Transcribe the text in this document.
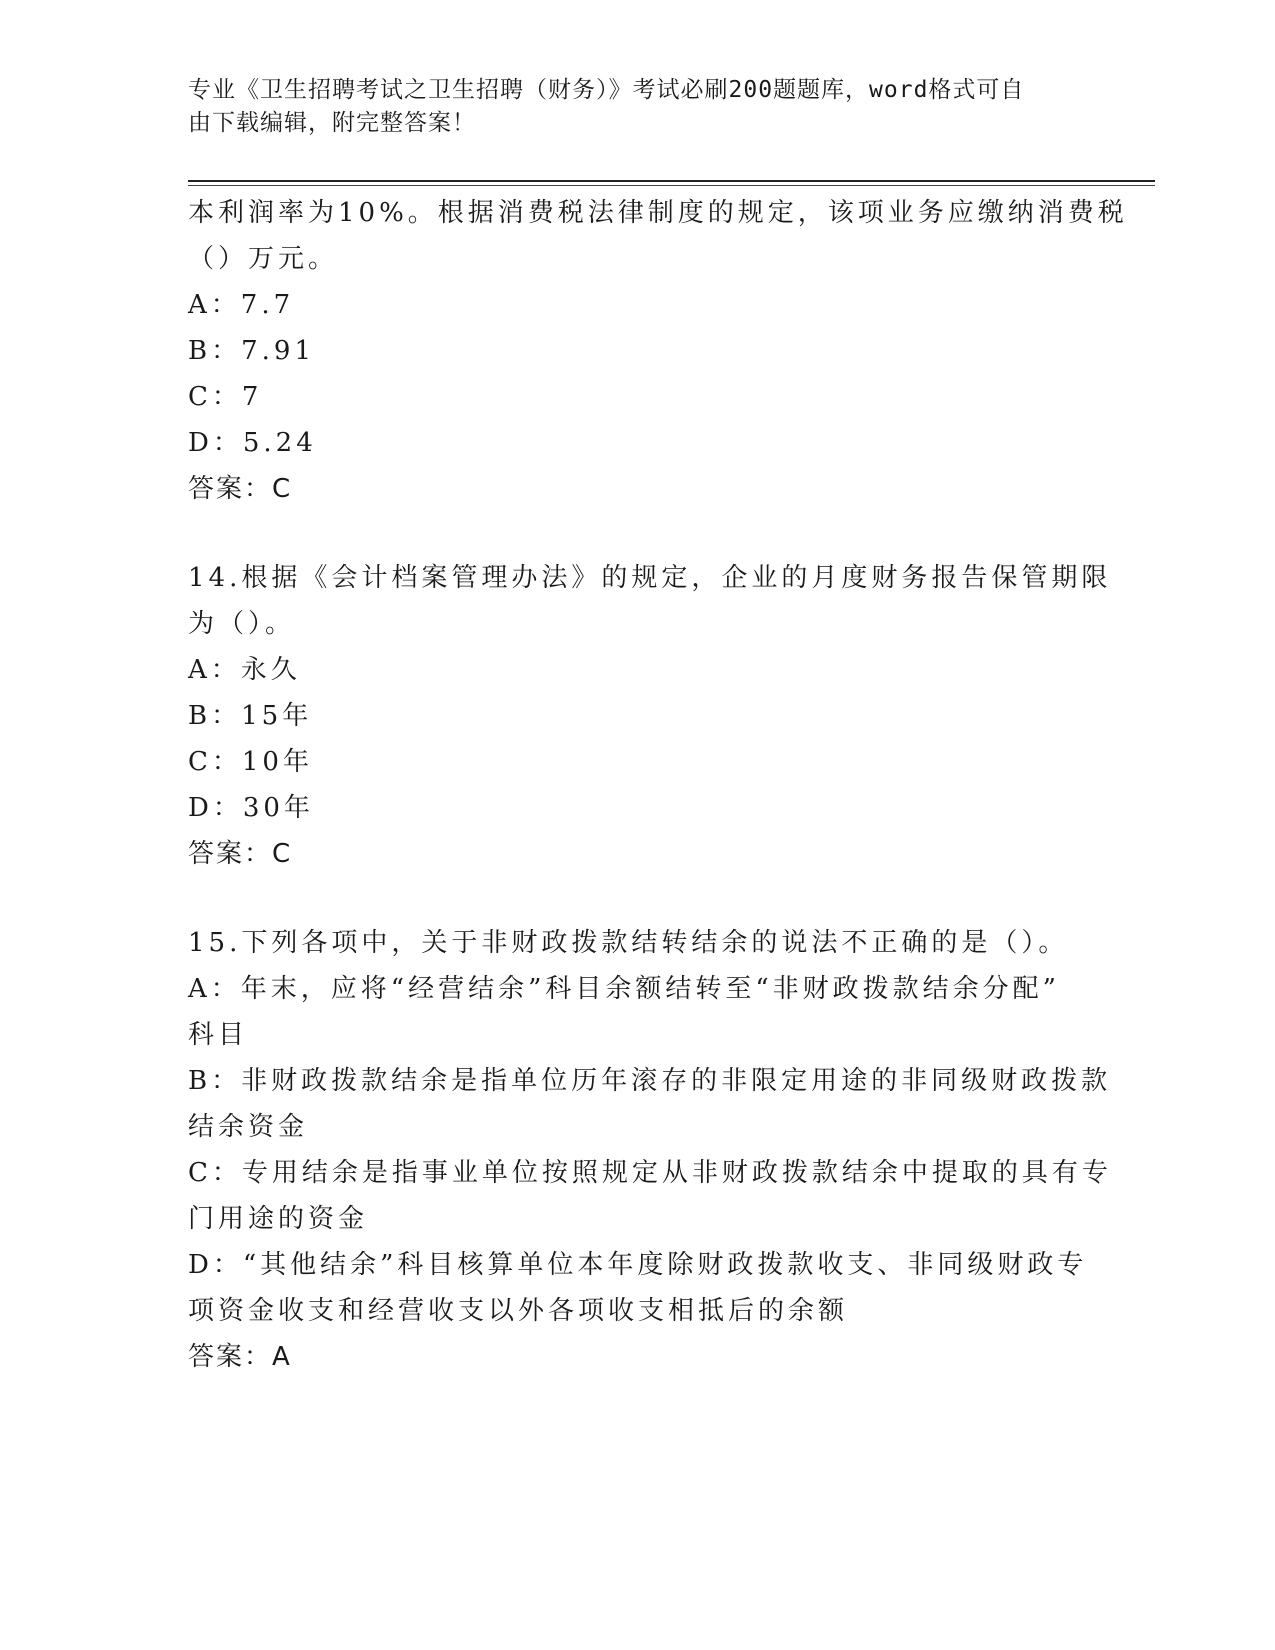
专业《卫生招聘考试之卫生招聘（财务）》考试必刷200题题库，word格式可自
由下载编辑，附完整答案！
本利润率为10%。根据消费税法律制度的规定，该项业务应缴纳消费税
（）万元。
A：7.7
B：7.91
C：7
D：5.24
答案：C
14.根据《会计档案管理办法》的规定，企业的月度财务报告保管期限
为（）。
A：永久
B：15年
C：10年
D：30年
答案：C
15.下列各项中，关于非财政拨款结转结余的说法不正确的是（）。
A：年末，应将“经营结余”科目余额结转至“非财政拨款结余分配”
科目
B：非财政拨款结余是指单位历年滚存的非限定用途的非同级财政拨款
结余资金
C：专用结余是指事业单位按照规定从非财政拨款结余中提取的具有专
门用途的资金
D：“其他结余”科目核算单位本年度除财政拨款收支、非同级财政专
项资金收支和经营收支以外各项收支相抵后的余额
答案：A
